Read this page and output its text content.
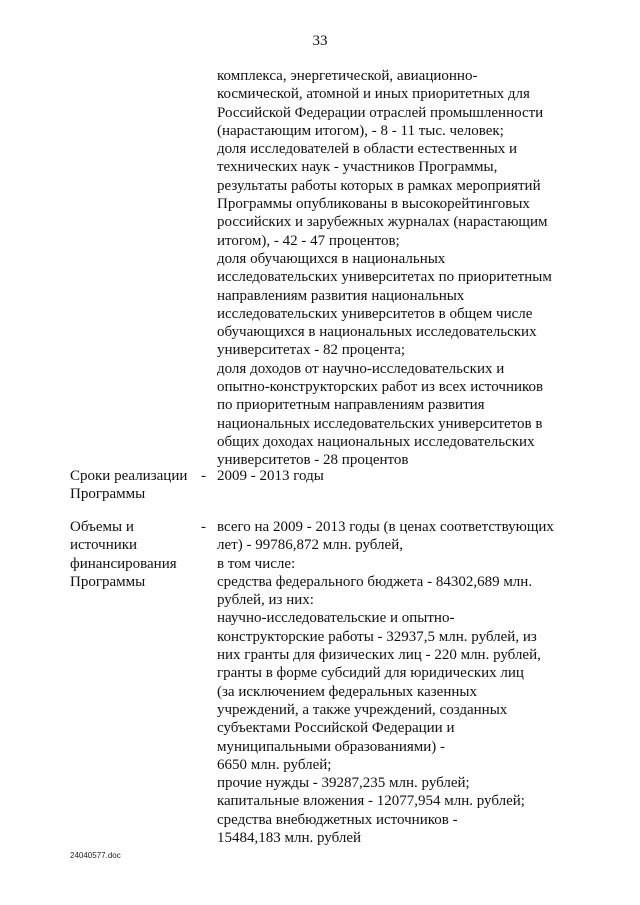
33
комплекса, энергетической, авиационно-
космической, атомной и иных приоритетных для
Российской Федерации отраслей промышленности
(нарастающим итогом), - 8 - 11 тыс. человек;
доля исследователей в области естественных и
технических наук - участников Программы,
результаты работы которых в рамках мероприятий
Программы опубликованы в высокорейтинговых
российских и зарубежных журналах (нарастающим
итогом), - 42 - 47 процентов;
доля обучающихся в национальных
исследовательских университетах по приоритетным
направлениям развития национальных
исследовательских университетов в общем числе
обучающихся в национальных исследовательских
университетах - 82 процента;
доля доходов от научно-исследовательских и
опытно-конструкторских работ из всех источников
по приоритетным направлениям развития
национальных исследовательских университетов в
общих доходах национальных исследовательских
университетов - 28 процентов
Сроки реализации
Программы
- 2009 - 2013 годы
Объемы и
источники
финансирования
Программы
- всего на 2009 - 2013 годы (в ценах соответствующих
лет) - 99786,872 млн. рублей,
в том числе:
средства федерального бюджета - 84302,689 млн.
рублей, из них:
научно-исследовательские и опытно-
конструкторские работы - 32937,5 млн. рублей, из
них гранты для физических лиц - 220 млн. рублей,
гранты в форме субсидий для юридических лиц
(за исключением федеральных казенных
учреждений, а также учреждений, созданных
субъектами Российской Федерации и
муниципальными образованиями) -
6650 млн. рублей;
прочие нужды - 39287,235 млн. рублей;
капитальные вложения - 12077,954 млн. рублей;
средства внебюджетных источников -
15484,183 млн. рублей
24040577.doc
